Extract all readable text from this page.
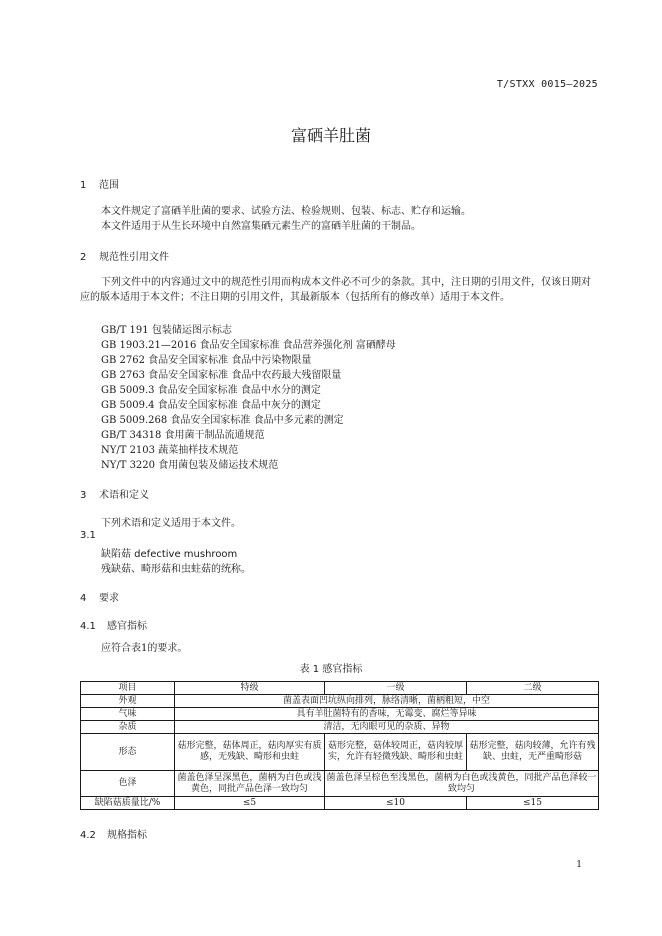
T/STXX 0015—2025
富硒羊肚菌
1 范围

本文件规定了富硒羊肚菌的要求、试验方法、检验规则、包装、标志、贮存和运输。

本文件适用于从生长环境中自然富集硒元素生产的富硒羊肚菌的干制品。

2 规范性引用文件

下列文件中的内容通过文中的规范性引用而构成本文件必不可少的条款。其中，注日期的引用文件，仅该日期对应的版本适用于本文件；不注日期的引用文件，其最新版本（包括所有的修改单）适用于本文件。

GB/T 191 包装储运图示标志
GB 1903.21—2016 食品安全国家标准 食品营养强化剂 富硒酵母
GB 2762 食品安全国家标准 食品中污染物限量
GB 2763 食品安全国家标准 食品中农药最大残留限量
GB 5009.3 食品安全国家标准 食品中水分的测定
GB 5009.4 食品安全国家标准 食品中灰分的测定
GB 5009.268 食品安全国家标准 食品中多元素的测定
GB/T 34318 食用菌干制品流通规范
NY/T 2103 蔬菜抽样技术规范
NY/T 3220 食用菌包装及储运技术规范
3 术语和定义
下列术语和定义适用于本文件。
3.1
缺陷菇 defective mushroom
残缺菇、畸形菇和虫蛀菇的统称。
4 要求
4.1 感官指标
应符合表1的要求。
表 1 感官指标
项目	特级	一级	二级
外观	菌盖表面凹坑纵向排列，脉络清晰，菌柄粗短，中空		
气味	具有羊肚菌特有的香味，无霉变、腐烂等异味		
杂质	清洁，无肉眼可见的杂质、异物		
形态	菇形完整，菇体周正，菇肉厚实有质感，无残缺、畸形和虫蛀	菇形完整，菇体较周正，菇肉较厚实，允许有轻微残缺、畸形和虫蛀	菇形完整，菇肉较薄，允许有残缺、虫蛀，无严重畸形菇
色泽	菌盖色泽呈深黑色，菌柄为白色或浅黄色，同批产品色泽一致均匀	菌盖色泽呈棕色至浅黑色，菌柄为白色或浅黄色，同批产品色泽较一致均匀	
缺陷菇质量比/%	≤5	≤10	≤15
4.2 规格指标
1
